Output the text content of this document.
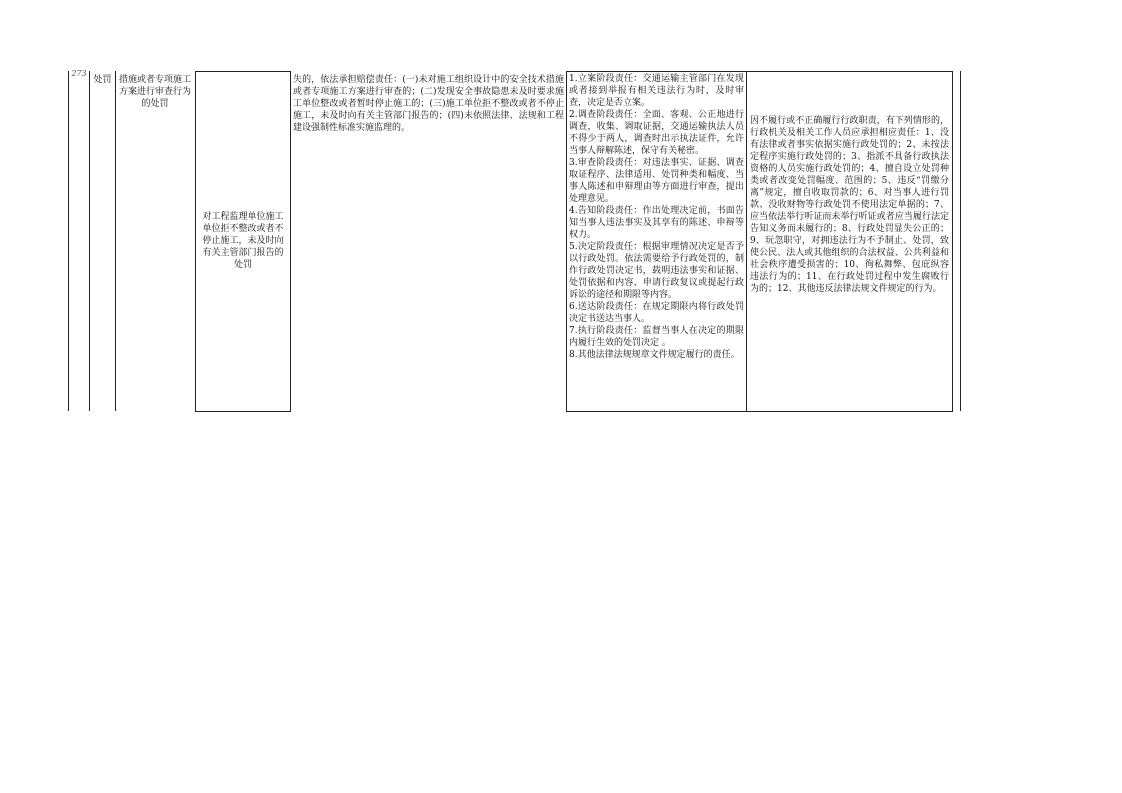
273
处罚 措施或者专项施工方案进行审查行为的处罚
对工程监理单位施工单位拒不整改或者不停止施工，未及时向有关主管部门报告的处罚
失的，依法承担赔偿责任：(一)未对施工组织设计中的安全技术措施或者专项施工方案进行审查的；(二)发现安全事故隐患未及时要求施工单位整改或者暂时停止施工的；(三)施工单位拒不整改或者不停止施工，未及时向有关主管部门报告的；(四)未依照法律、法规和工程建设强制性标准实施监理的。
1.立案阶段责任：交通运输主管部门在发现或者接到举报有相关违法行为时，及时审查，决定是否立案。
2.调查阶段责任：全面、客观、公正地进行调查，收集、调取证据，交通运输执法人员不得少于两人，调查时出示执法证件，允许当事人辩解陈述，保守有关秘密。
3.审查阶段责任：对违法事实、证据、调查取证程序、法律适用、处罚种类和幅度、当事人陈述和申辩理由等方面进行审查，提出处理意见。
4.告知阶段责任：作出处理决定前，书面告知当事人违法事实及其享有的陈述、申辩等权力。
5.决定阶段责任：根据审理情况决定是否予以行政处罚。依法需要给予行政处罚的，制作行政处罚决定书，载明违法事实和证据、处罚依据和内容、申请行政复议或提起行政诉讼的途径和期限等内容。
6.送达阶段责任：在规定期限内将行政处罚决定书送达当事人。
7.执行阶段责任：监督当事人在决定的期限内履行生效的处罚决定 。
8.其他法律法规规章文件规定履行的责任。
因不履行或不正确履行行政职责，有下列情形的，行政机关及相关工作人员应承担相应责任：1、没有法律或者事实依据实施行政处罚的；2、未按法定程序实施行政处罚的；3、指派不具备行政执法资格的人员实施行政处罚的；4、擅自设立处罚种类或者改变处罚幅度、范围的；5、违反“罚缴分离”规定，擅自收取罚款的；6、对当事人进行罚款、没收财物等行政处罚不使用法定单据的；7、应当依法举行听证而未举行听证或者应当履行法定告知义务而未履行的；8、行政处罚显失公正的；9、玩忽职守，对拥违法行为不予制止、处罚，致使公民、法人或其他组织的合法权益、公共利益和社会秩序遭受损害的；10、徇私舞弊、包庇纵容违法行为的；11、在行政处罚过程中发生腐败行为的；12、其他违反法律法规文件规定的行为。
